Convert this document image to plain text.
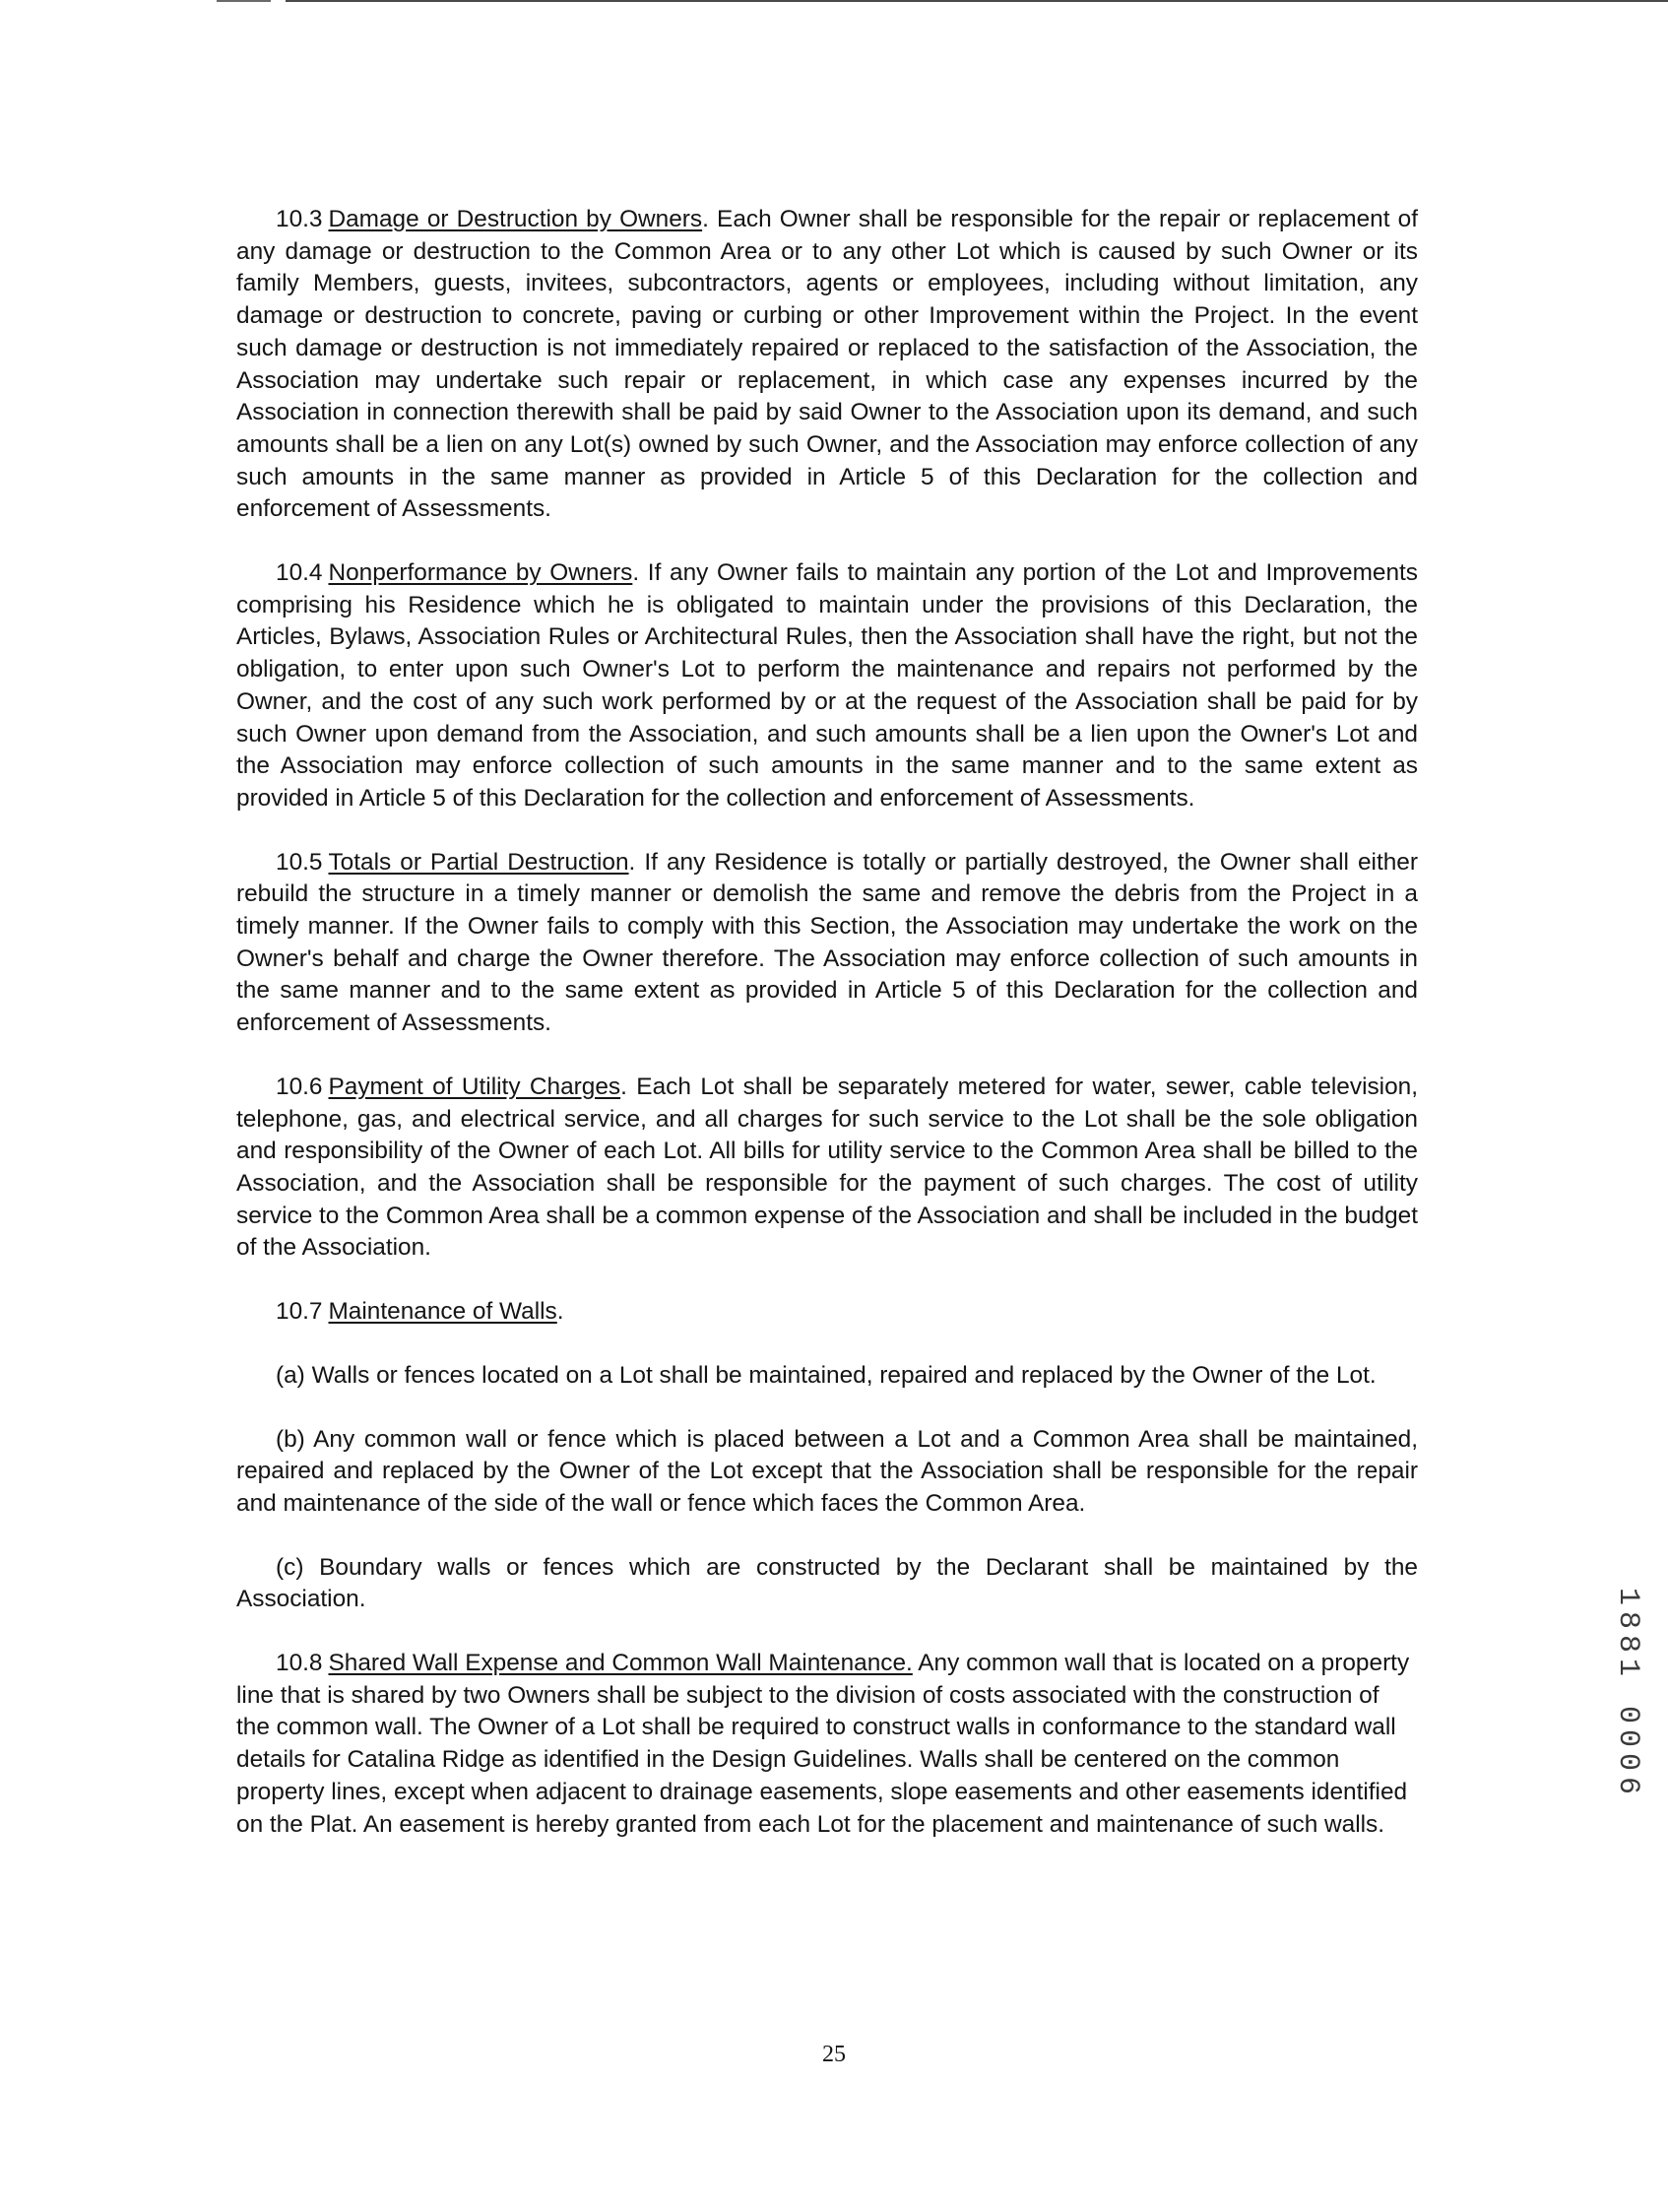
10.3 Damage or Destruction by Owners. Each Owner shall be responsible for the repair or replacement of any damage or destruction to the Common Area or to any other Lot which is caused by such Owner or its family Members, guests, invitees, subcontractors, agents or employees, including without limitation, any damage or destruction to concrete, paving or curbing or other Improvement within the Project. In the event such damage or destruction is not immediately repaired or replaced to the satisfaction of the Association, the Association may undertake such repair or replacement, in which case any expenses incurred by the Association in connection therewith shall be paid by said Owner to the Association upon its demand, and such amounts shall be a lien on any Lot(s) owned by such Owner, and the Association may enforce collection of any such amounts in the same manner as provided in Article 5 of this Declaration for the collection and enforcement of Assessments.

10.4 Nonperformance by Owners. If any Owner fails to maintain any portion of the Lot and Improvements comprising his Residence which he is obligated to maintain under the provisions of this Declaration, the Articles, Bylaws, Association Rules or Architectural Rules, then the Association shall have the right, but not the obligation, to enter upon such Owner's Lot to perform the maintenance and repairs not performed by the Owner, and the cost of any such work performed by or at the request of the Association shall be paid for by such Owner upon demand from the Association, and such amounts shall be a lien upon the Owner's Lot and the Association may enforce collection of such amounts in the same manner and to the same extent as provided in Article 5 of this Declaration for the collection and enforcement of Assessments.

10.5 Totals or Partial Destruction. If any Residence is totally or partially destroyed, the Owner shall either rebuild the structure in a timely manner or demolish the same and remove the debris from the Project in a timely manner. If the Owner fails to comply with this Section, the Association may undertake the work on the Owner's behalf and charge the Owner therefore. The Association may enforce collection of such amounts in the same manner and to the same extent as provided in Article 5 of this Declaration for the collection and enforcement of Assessments.

10.6 Payment of Utility Charges. Each Lot shall be separately metered for water, sewer, cable television, telephone, gas, and electrical service, and all charges for such service to the Lot shall be the sole obligation and responsibility of the Owner of each Lot. All bills for utility service to the Common Area shall be billed to the Association, and the Association shall be responsible for the payment of such charges. The cost of utility service to the Common Area shall be a common expense of the Association and shall be included in the budget of the Association.

10.7 Maintenance of Walls.

(a) Walls or fences located on a Lot shall be maintained, repaired and replaced by the Owner of the Lot.

(b) Any common wall or fence which is placed between a Lot and a Common Area shall be maintained, repaired and replaced by the Owner of the Lot except that the Association shall be responsible for the repair and maintenance of the side of the wall or fence which faces the Common Area.

(c) Boundary walls or fences which are constructed by the Declarant shall be maintained by the Association.

10.8 Shared Wall Expense and Common Wall Maintenance. Any common wall that is located on a property line that is shared by two Owners shall be subject to the division of costs associated with the construction of the common wall. The Owner of a Lot shall be required to construct walls in conformance to the standard wall details for Catalina Ridge as identified in the Design Guidelines. Walls shall be centered on the common property lines, except when adjacent to drainage easements, slope easements and other easements identified on the Plat. An easement is hereby granted from each Lot for the placement and maintenance of such walls.

25
1881 0006
